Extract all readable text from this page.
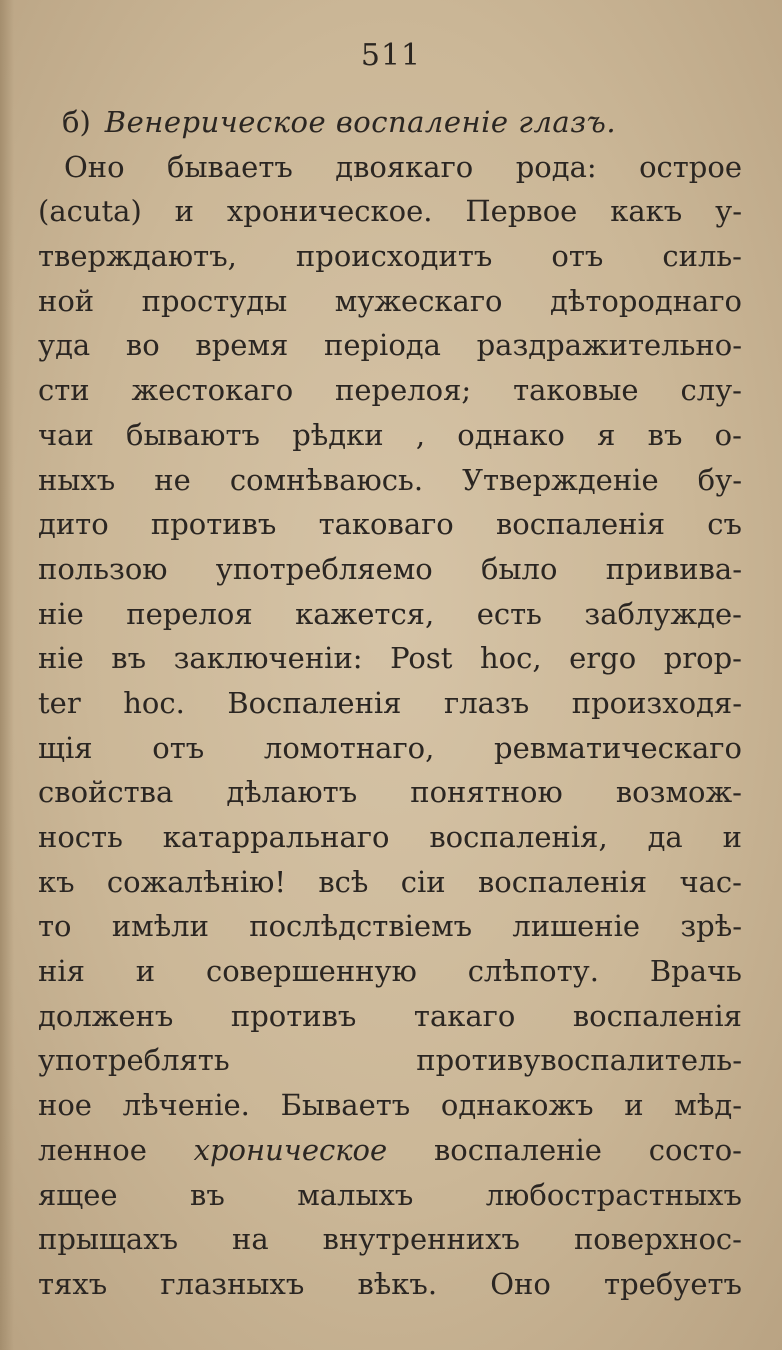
511
б) Венерическое воспаленіе глазъ.
Оно бываетъ двоякаго рода: острое
(acuta) и хроническое. Первое какъ у-
тверждаютъ, происходитъ отъ силь-
ной простуды мужескаго дѣтороднаго
уда во время періода раздражительно-
сти жестокаго перелоя; таковые слу-
чаи бываютъ рѣдки , однако я въ о-
ныхъ не сомнѣваюсь. Утвержденіе бу-
дито противъ таковаго воспаленія съ
пользою употребляемо было привива-
ніе перелоя кажется, есть заблужде-
ніе въ заключеніи: Post hoc, ergo prop-
ter hoc. Воспаленія глазъ произходя-
щія отъ ломотнаго, ревматическаго
свойства дѣлаютъ понятною возмож-
ность катарральнаго воспаленія, да и
къ сожалѣнію! всѣ сіи воспаленія час-
то имѣли послѣдствіемъ лишеніе зрѣ-
нія и совершенную слѣпоту. Врачь
долженъ противъ такаго воспаленія
употреблять	противувоспалитель-
ное лѣченіе. Бываетъ однакожъ и мѣд-
ленное хроническое воспаленіе состо-
ящее въ малыхъ любострастныхъ
прыщахъ на внутреннихъ поверхнос-
тяхъ глазныхъ вѣкъ. Оно требуетъ
